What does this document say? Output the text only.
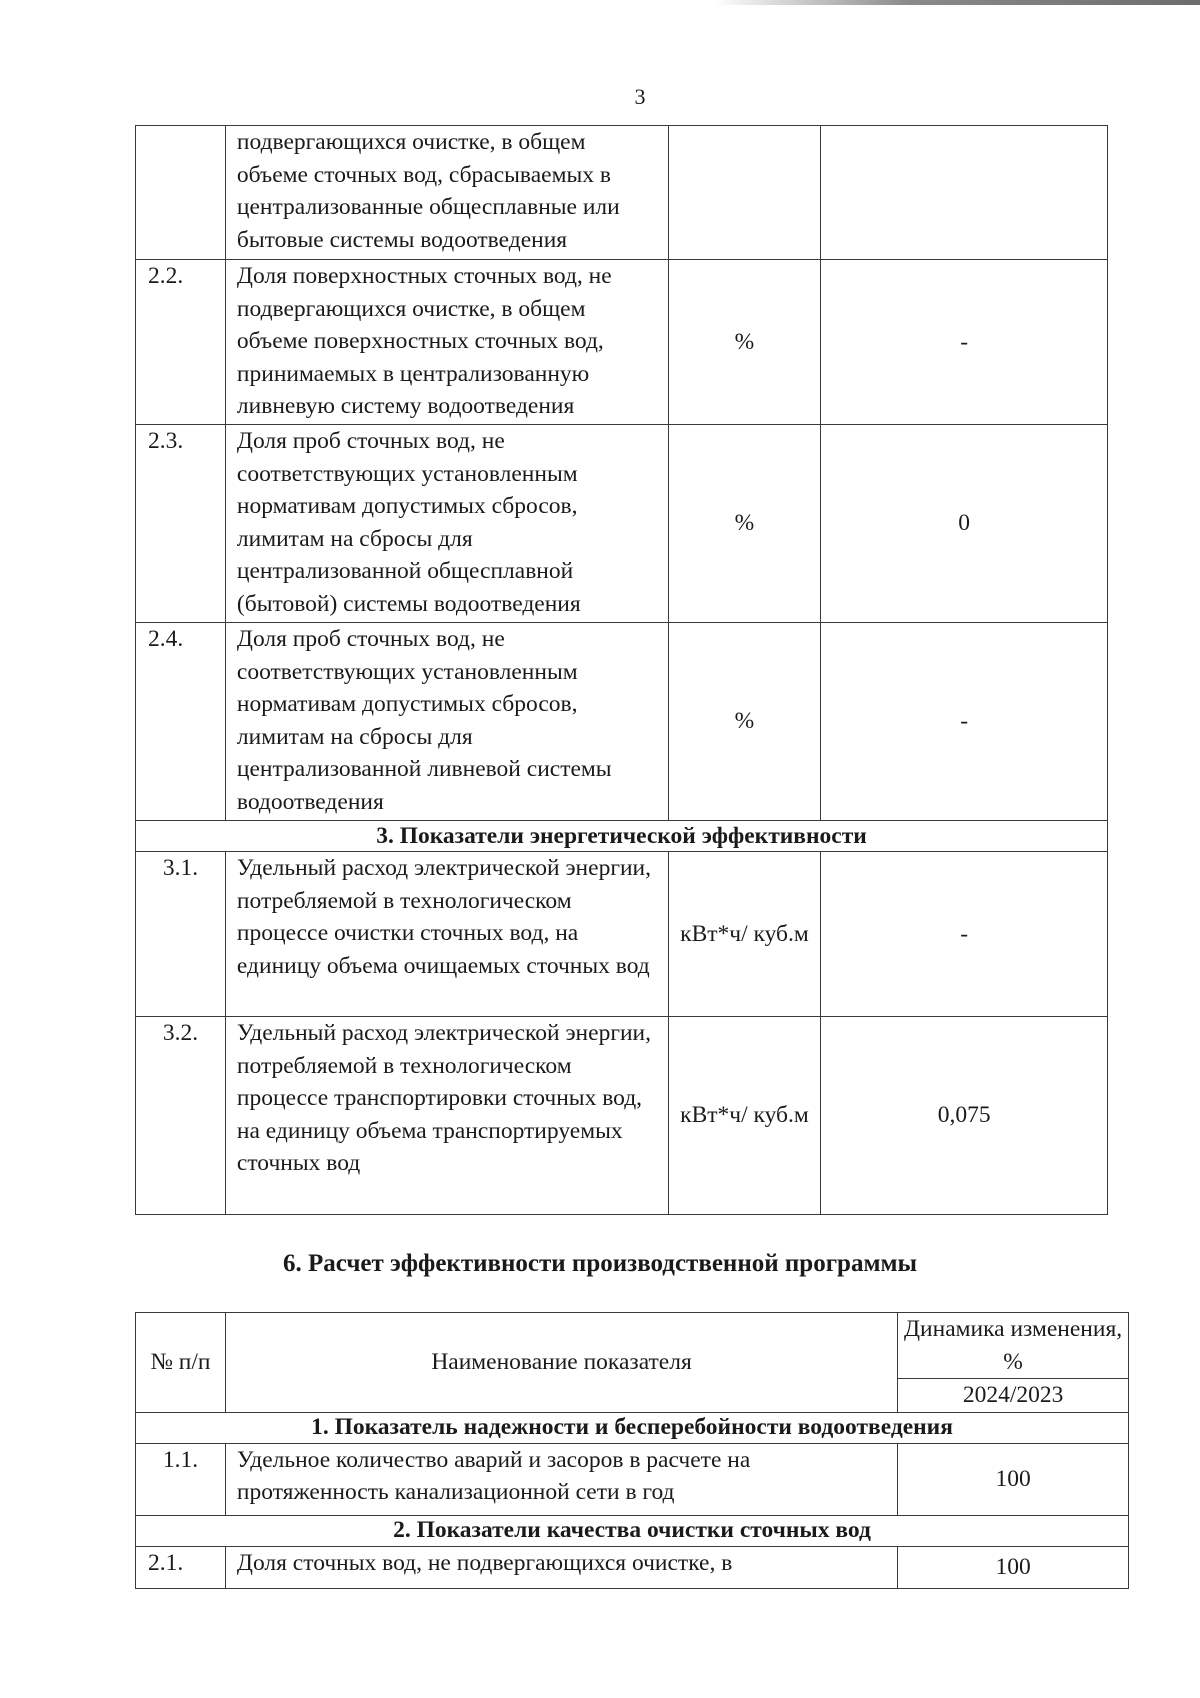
3
	подвергающихся очистке, в общем объеме сточных вод, сбрасываемых в централизованные общесплавные или бытовые системы водоотведения		
2.2.	Доля поверхностных сточных вод, не подвергающихся очистке, в общем объеме поверхностных сточных вод, принимаемых в централизованную ливневую систему водоотведения	%	-
2.3.	Доля проб сточных вод, не соответствующих установленным нормативам допустимых сбросов, лимитам на сбросы для централизованной общесплавной (бытовой) системы водоотведения	%	0
2.4.	Доля проб сточных вод, не соответствующих установленным нормативам допустимых сбросов, лимитам на сбросы для централизованной ливневой системы водоотведения	%	-
3. Показатели энергетической эффективности			
3.1.	Удельный расход электрической энергии, потребляемой в технологическом процессе очистки сточных вод, на единицу объема очищаемых сточных вод	кВт*ч/ куб.м	-
3.2.	Удельный расход электрической энергии, потребляемой в технологическом процессе транспортировки сточных вод, на единицу объема транспортируемых сточных вод	кВт*ч/ куб.м	0,075
6. Расчет эффективности производственной программы
№ п/п	Наименование показателя	Динамика изменения, %
		2024/2023
1. Показатель надежности и бесперебойности водоотведения		
1.1.	Удельное количество аварий и засоров в расчете на протяженность канализационной сети в год	100
2. Показатели качества очистки сточных вод		
2.1.	Доля сточных вод, не подвергающихся очистке, в	100
